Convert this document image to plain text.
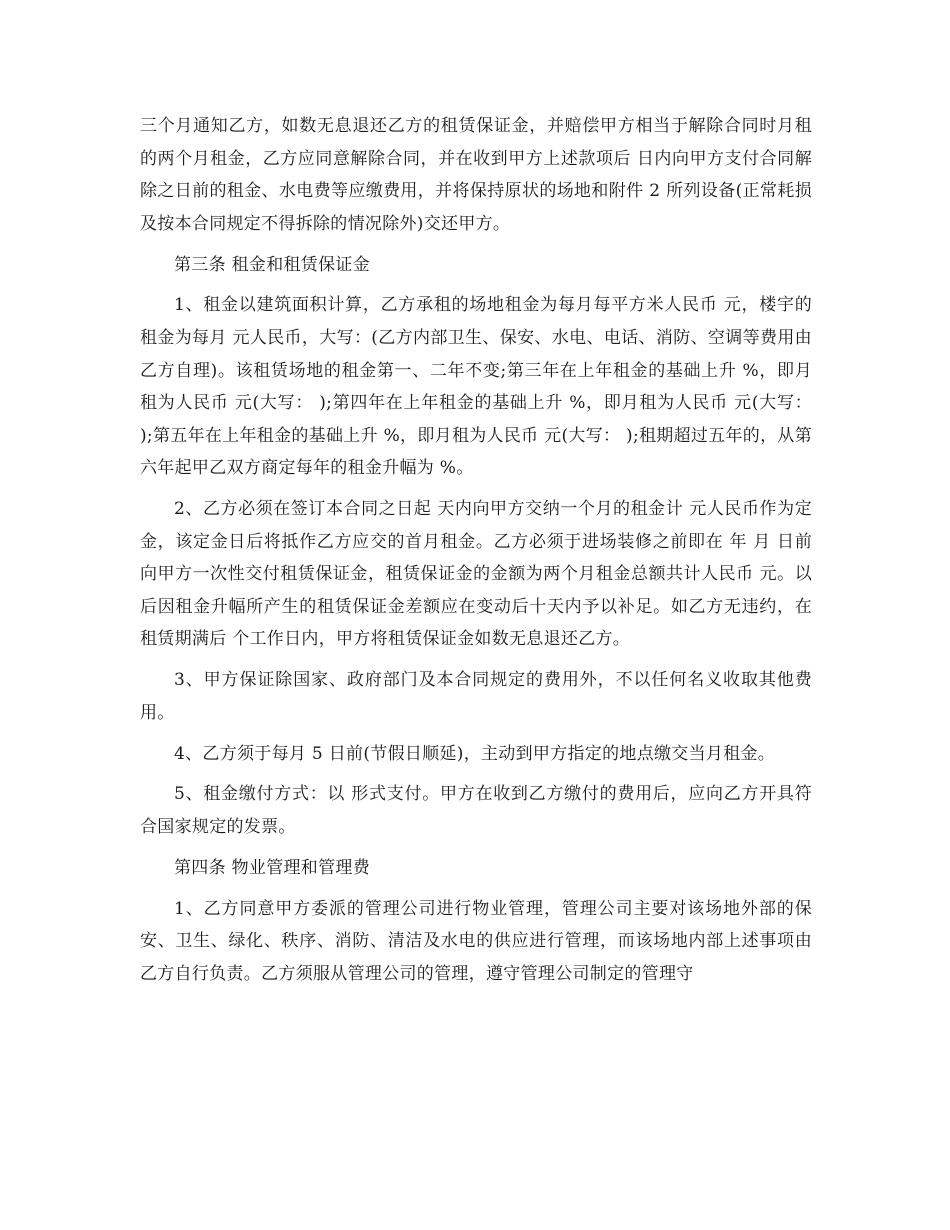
三个月通知乙方，如数无息退还乙方的租赁保证金，并赔偿甲方相当于解除合同时月租的两个月租金，乙方应同意解除合同，并在收到甲方上述款项后 日内向甲方支付合同解除之日前的租金、水电费等应缴费用，并将保持原状的场地和附件 2 所列设备(正常耗损及按本合同规定不得拆除的情况除外)交还甲方。

第三条 租金和租赁保证金

1、租金以建筑面积计算，乙方承租的场地租金为每月每平方米人民币 元，楼宇的租金为每月 元人民币，大写：(乙方内部卫生、保安、水电、电话、消防、空调等费用由乙方自理)。该租赁场地的租金第一、二年不变;第三年在上年租金的基础上升 %，即月租为人民币 元(大写： );第四年在上年租金的基础上升 %，即月租为人民币 元(大写： );第五年在上年租金的基础上升 %，即月租为人民币 元(大写： );租期超过五年的，从第六年起甲乙双方商定每年的租金升幅为 %。

2、乙方必须在签订本合同之日起 天内向甲方交纳一个月的租金计 元人民币作为定金，该定金日后将抵作乙方应交的首月租金。乙方必须于进场装修之前即在 年 月 日前向甲方一次性交付租赁保证金，租赁保证金的金额为两个月租金总额共计人民币 元。以后因租金升幅所产生的租赁保证金差额应在变动后十天内予以补足。如乙方无违约，在租赁期满后 个工作日内，甲方将租赁保证金如数无息退还乙方。

3、甲方保证除国家、政府部门及本合同规定的费用外，不以任何名义收取其他费用。

4、乙方须于每月 5 日前(节假日顺延)，主动到甲方指定的地点缴交当月租金。

5、租金缴付方式：以 形式支付。甲方在收到乙方缴付的费用后，应向乙方开具符合国家规定的发票。

第四条 物业管理和管理费

1、乙方同意甲方委派的管理公司进行物业管理，管理公司主要对该场地外部的保安、卫生、绿化、秩序、消防、清洁及水电的供应进行管理，而该场地内部上述事项由乙方自行负责。乙方须服从管理公司的管理，遵守管理公司制定的管理守
